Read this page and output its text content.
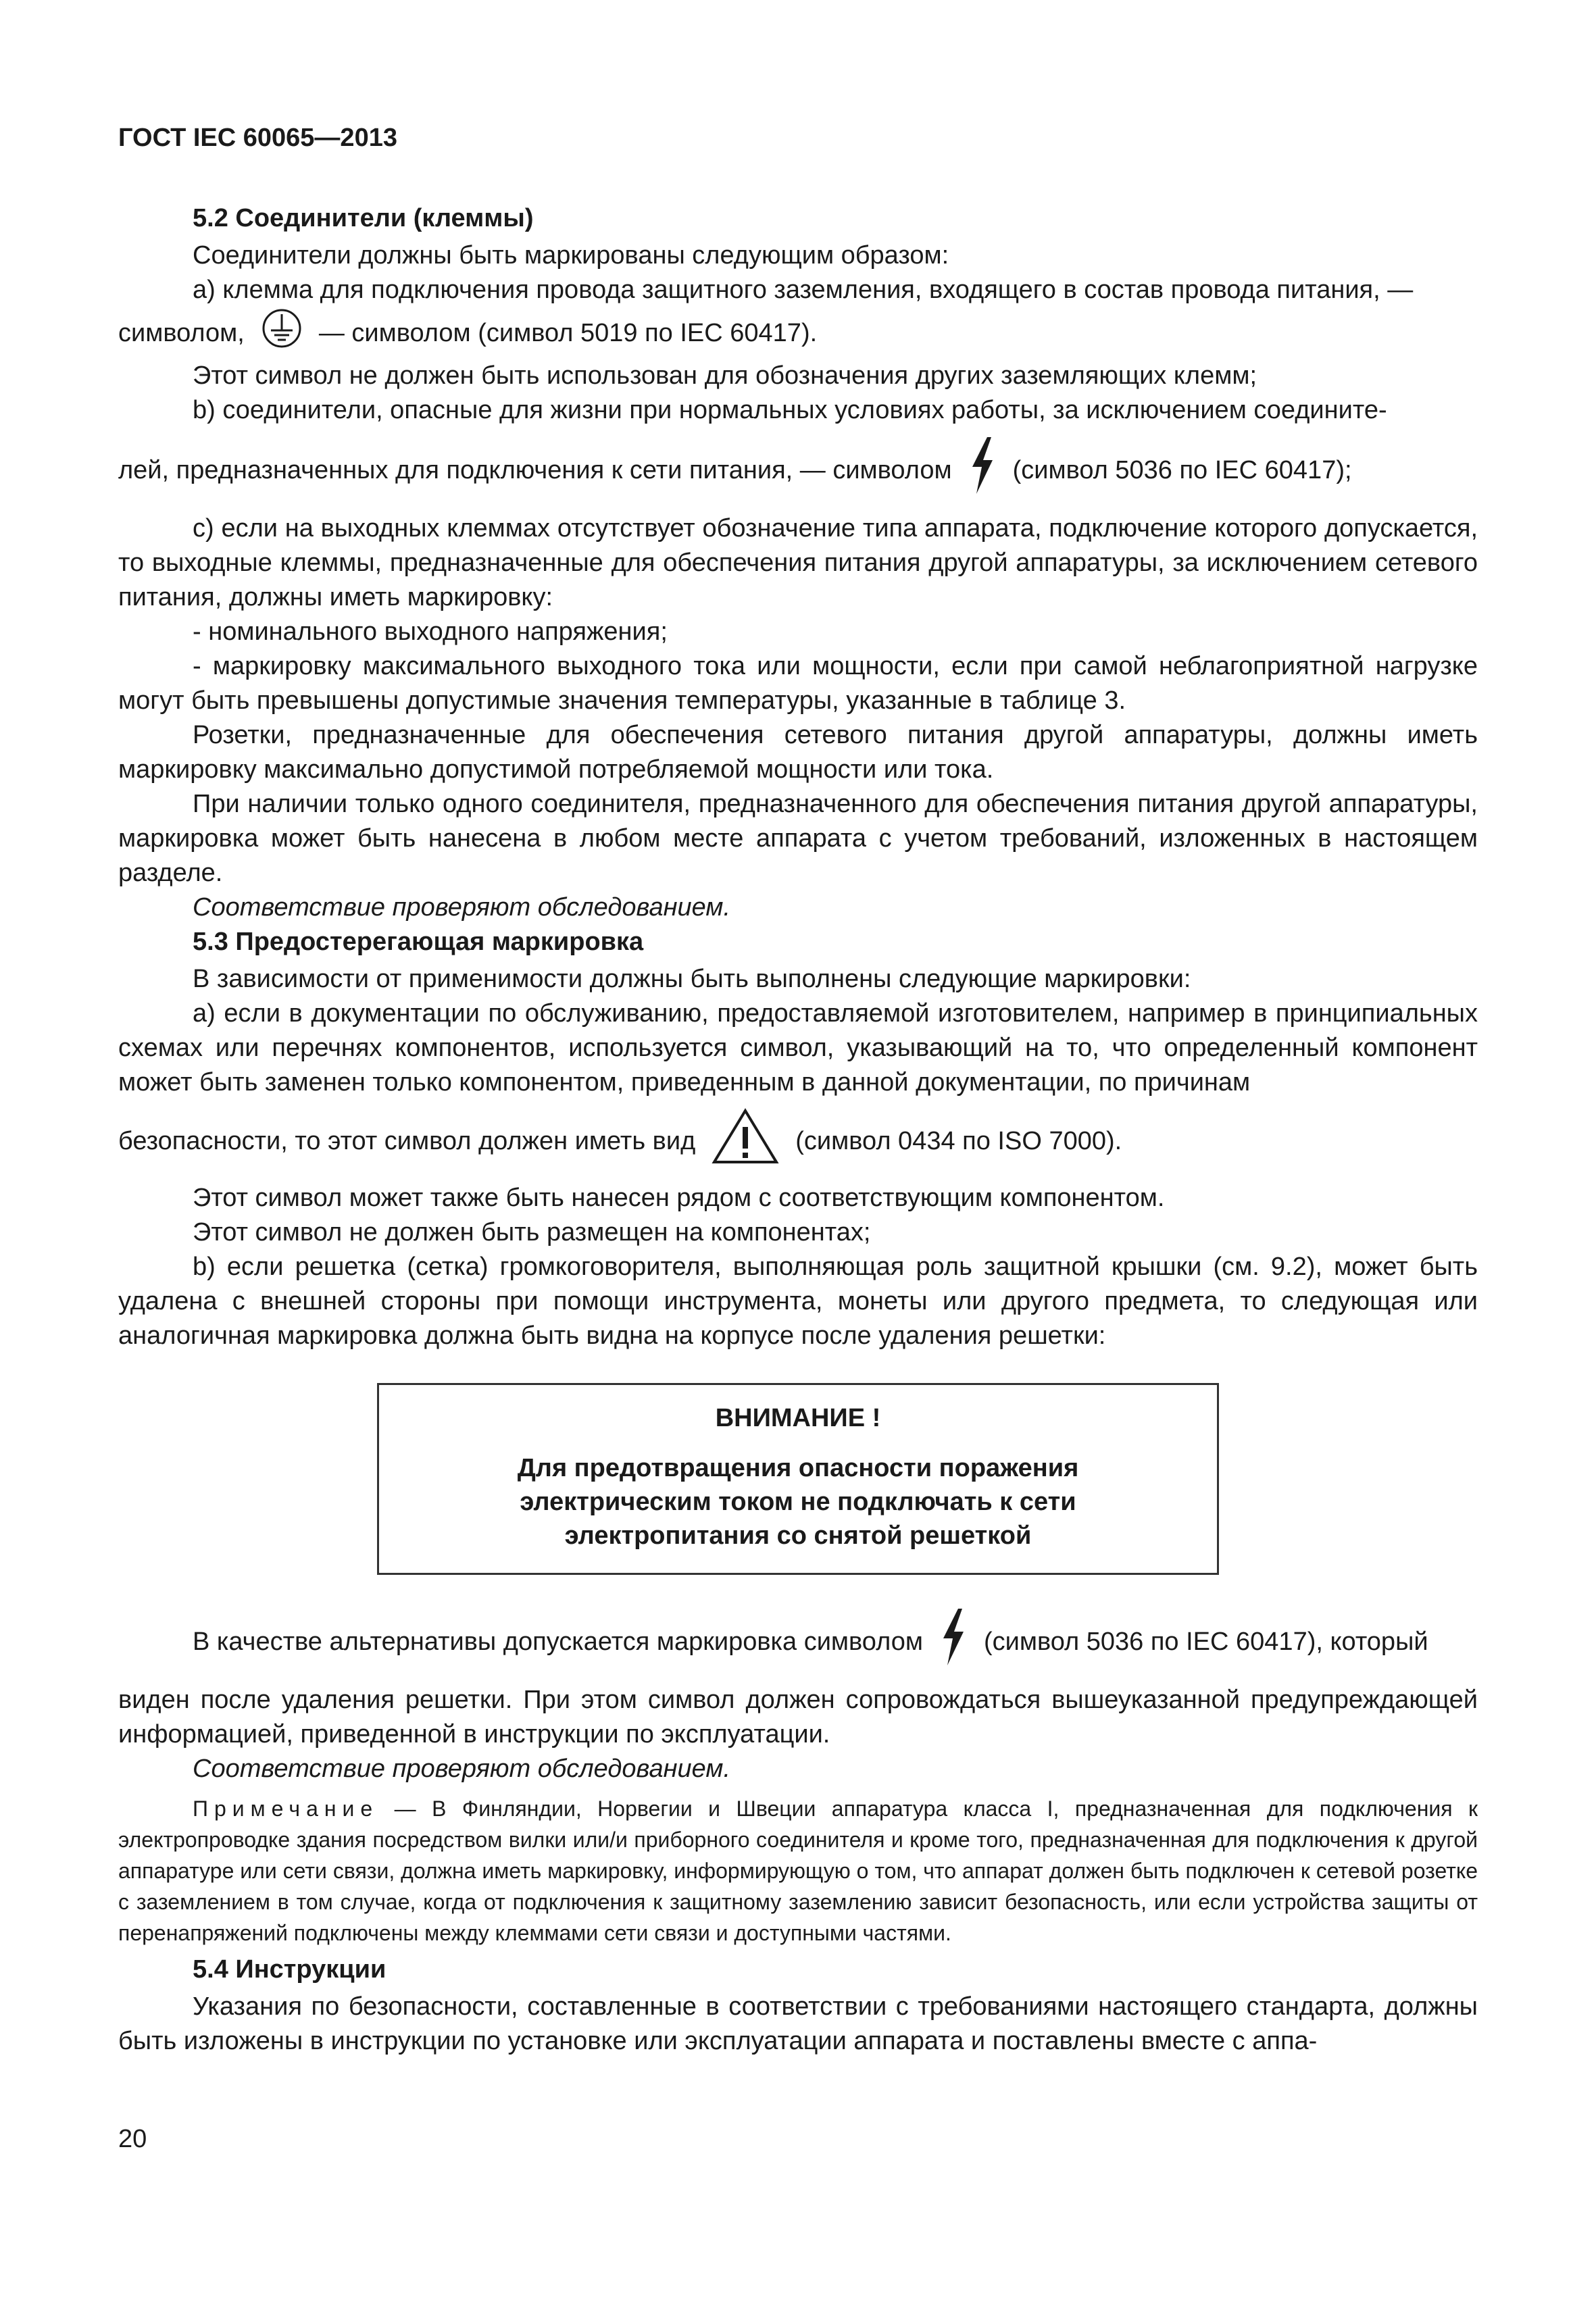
ГОСТ IEC 60065—2013

5.2 Соединители (клеммы)

Соединители должны быть маркированы следующим образом:

а) клемма для подключения провода защитного заземления, входящего в состав провода питания, —

символом,	— символом (символ 5019 по IEC 60417).

Этот символ не должен быть использован для обозначения других заземляющих клемм;

b) соединители, опасные для жизни при нормальных условиях работы, за исключением соедините-

лей, предназначенных для подключения к сети питания, — символом (символ 5036 по IEC 60417);

с) если на выходных клеммах отсутствует обозначение типа аппарата, подключение которого допускается, то выходные клеммы, предназначенные для обеспечения питания другой аппаратуры, за исключением сетевого питания, должны иметь маркировку:

- номинального выходного напряжения;

- маркировку максимального выходного тока или мощности, если при самой неблагоприятной нагрузке могут быть превышены допустимые значения температуры, указанные в таблице 3.

Розетки, предназначенные для обеспечения сетевого питания другой аппаратуры, должны иметь маркировку максимально допустимой потребляемой мощности или тока.

При наличии только одного соединителя, предназначенного для обеспечения питания другой аппаратуры, маркировка может быть нанесена в любом месте аппарата с учетом требований, изложенных в настоящем разделе.

Соответствие проверяют обследованием.

5.3 Предостерегающая маркировка

В зависимости от применимости должны быть выполнены следующие маркировки:

а) если в документации по обслуживанию, предоставляемой изготовителем, например в принципиальных схемах или перечнях компонентов, используется символ, указывающий на то, что определенный компонент может быть заменен только компонентом, приведенным в данной документации, по причинам

безопасности, то этот символ должен иметь вид	(символ 0434 по ISO 7000).

Этот символ может также быть нанесен рядом с соответствующим компонентом.

Этот символ не должен быть размещен на компонентах;

b) если решетка (сетка) громкоговорителя, выполняющая роль защитной крышки (см. 9.2), может быть удалена с внешней стороны при помощи инструмента, монеты или другого предмета, то следующая или аналогичная маркировка должна быть видна на корпусе после удаления решетки:

ВНИМАНИЕ !
Для предотвращения опасности поражения
электрическим током не подключать к сети
электропитания со снятой решеткой
В качестве альтернативы допускается маркировка символом (символ 5036 по IEC 60417), который

виден после удаления решетки. При этом символ должен сопровождаться вышеуказанной предупреждающей информацией, приведенной в инструкции по эксплуатации.

Соответствие проверяют обследованием.

Примечание — В Финляндии, Норвегии и Швеции аппаратура класса I, предназначенная для подключения к электропроводке здания посредством вилки или/и приборного соединителя и кроме того, предназначенная для подключения к другой аппаратуре или сети связи, должна иметь маркировку, информирующую о том, что аппарат должен быть подключен к сетевой розетке с заземлением в том случае, когда от подключения к защитному заземлению зависит безопасность, или если устройства защиты от перенапряжений подключены между клеммами сети связи и доступными частями.

5.4 Инструкции

Указания по безопасности, составленные в соответствии с требованиями настоящего стандарта, должны быть изложены в инструкции по установке или эксплуатации аппарата и поставлены вместе с аппа-

20
